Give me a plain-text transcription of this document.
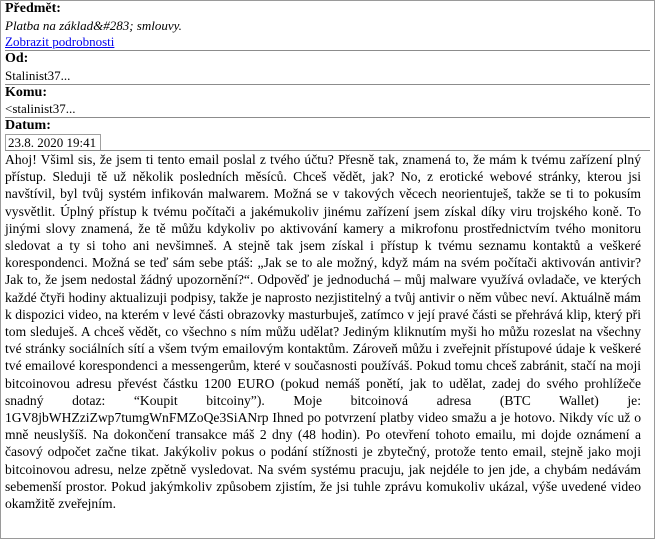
Předmět:
Platba na základ&#283; smlouvy.
Zobrazit podrobnosti
Od:
Stalinist37...
Komu:
<stalinist37...
Datum:
23.8. 2020 19:41

Ahoj! Všiml sis, že jsem ti tento email poslal z tvého účtu? Přesně tak, znamená to, že mám k tvému zařízení plný přístup. Sleduji tě už několik posledních měsíců. Chceš vědět, jak? No, z erotické webové stránky, kterou jsi navštívil, byl tvůj systém infikován malwarem. Možná se v takových věcech neorientuješ, takže se ti to pokusím vysvětlit. Úplný přístup k tvému počítači a jakémukoliv jinému zařízení jsem získal díky viru trojského koně. To jinými slovy znamená, že tě můžu kdykoliv po aktivování kamery a mikrofonu prostřednictvím tvého monitoru sledovat a ty si toho ani nevšimneš. A stejně tak jsem získal i přístup k tvému seznamu kontaktů a veškeré korespondenci. Možná se teď sám sebe ptáš: „Jak se to ale možný, když mám na svém počítači aktivován antivir? Jak to, že jsem nedostal žádný upozornění?“. Odpověď je jednoduchá – můj malware využívá ovladače, ve kterých každé čtyři hodiny aktualizuji podpisy, takže je naprosto nezjistitelný a tvůj antivir o něm vůbec neví. Aktuálně mám k dispozici video, na kterém v levé části obrazovky masturbuješ, zatímco v její pravé části se přehrává klip, který při tom sleduješ. A chceš vědět, co všechno s ním můžu udělat? Jediným kliknutím myši ho můžu rozeslat na všechny tvé stránky sociálních sítí a všem tvým emailovým kontaktům. Zároveň můžu i zveřejnit přístupové údaje k veškeré tvé emailové korespondenci a messengerům, které v současnosti používáš. Pokud tomu chceš zabránit, stačí na moji bitcoinovou adresu převést částku 1200 EURO (pokud nemáš ponětí, jak to udělat, zadej do svého prohlížeče snadný dotaz: “Koupit bitcoiny”). Moje bitcoinová adresa (BTC Wallet) je: 1GV8jbWHZziZwp7tumgWnFMZoQe3SiANrp Ihned po potvrzení platby video smažu a je hotovo. Nikdy víc už o mně neuslyšíš. Na dokončení transakce máš 2 dny (48 hodin). Po otevření tohoto emailu, mi dojde oznámení a časový odpočet začne tikat. Jakýkoliv pokus o podání stížnosti je zbytečný, protože tento email, stejně jako moji bitcoinovou adresu, nelze zpětně vysledovat. Na svém systému pracuju, jak nejdéle to jen jde, a chybám nedávám sebemenší prostor. Pokud jakýmkoliv způsobem zjistím, že jsi tuhle zprávu komukoliv ukázal, výše uvedené video okamžitě zveřejním.
